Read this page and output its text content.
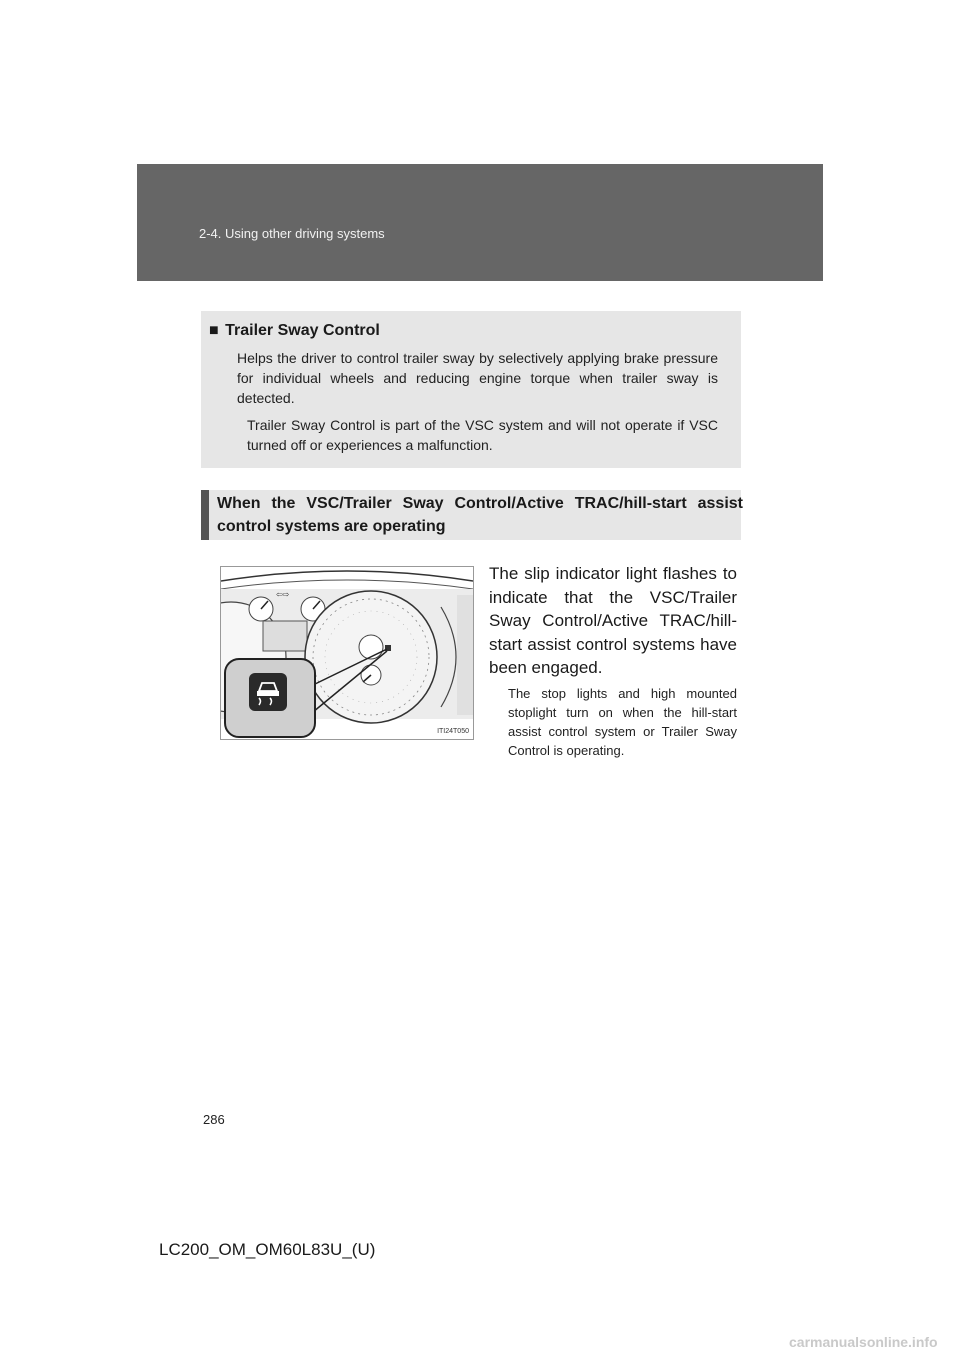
2-4. Using other driving systems
■ Trailer Sway Control
Helps the driver to control trailer sway by selectively applying brake pressure for individual wheels and reducing engine torque when trailer sway is detected.
Trailer Sway Control is part of the VSC system and will not operate if VSC turned off or experiences a malfunction.
When the VSC/Trailer Sway Control/Active TRAC/hill-start assist control systems are operating
⇦⇨
ITI24T050
The slip indicator light flashes to indicate that the VSC/Trailer Sway Control/Active TRAC/hill-start assist control systems have been engaged.
The stop lights and high mounted stoplight turn on when the hill-start assist control system or Trailer Sway Control is operating.
286
LC200_OM_OM60L83U_(U)
carmanualsonline.info
